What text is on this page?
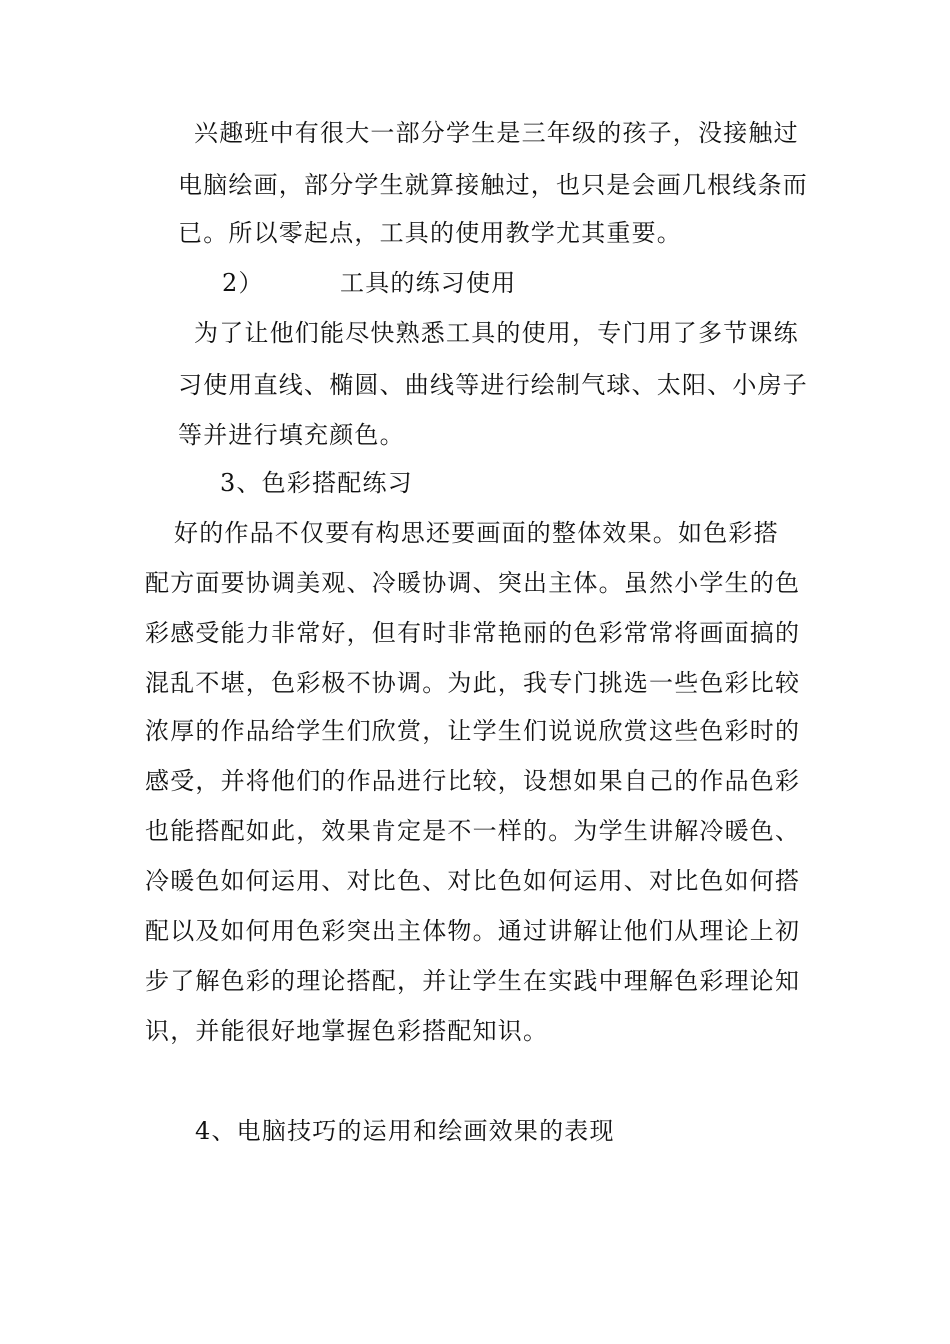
兴趣班中有很大一部分学生是三年级的孩子，没接触过
电脑绘画，部分学生就算接触过，也只是会画几根线条而
已。所以零起点，工具的使用教学尤其重要。
2）	工具的练习使用
为了让他们能尽快熟悉工具的使用，专门用了多节课练
习使用直线、椭圆、曲线等进行绘制气球、太阳、小房子
等并进行填充颜色。
3、色彩搭配练习
好的作品不仅要有构思还要画面的整体效果。如色彩搭
配方面要协调美观、冷暖协调、突出主体。虽然小学生的色
彩感受能力非常好，但有时非常艳丽的色彩常常将画面搞的
混乱不堪，色彩极不协调。为此，我专门挑选一些色彩比较
浓厚的作品给学生们欣赏，让学生们说说欣赏这些色彩时的
感受，并将他们的作品进行比较，设想如果自己的作品色彩
也能搭配如此，效果肯定是不一样的。为学生讲解冷暖色、
冷暖色如何运用、对比色、对比色如何运用、对比色如何搭
配以及如何用色彩突出主体物。通过讲解让他们从理论上初
步了解色彩的理论搭配，并让学生在实践中理解色彩理论知
识，并能很好地掌握色彩搭配知识。
4、电脑技巧的运用和绘画效果的表现
